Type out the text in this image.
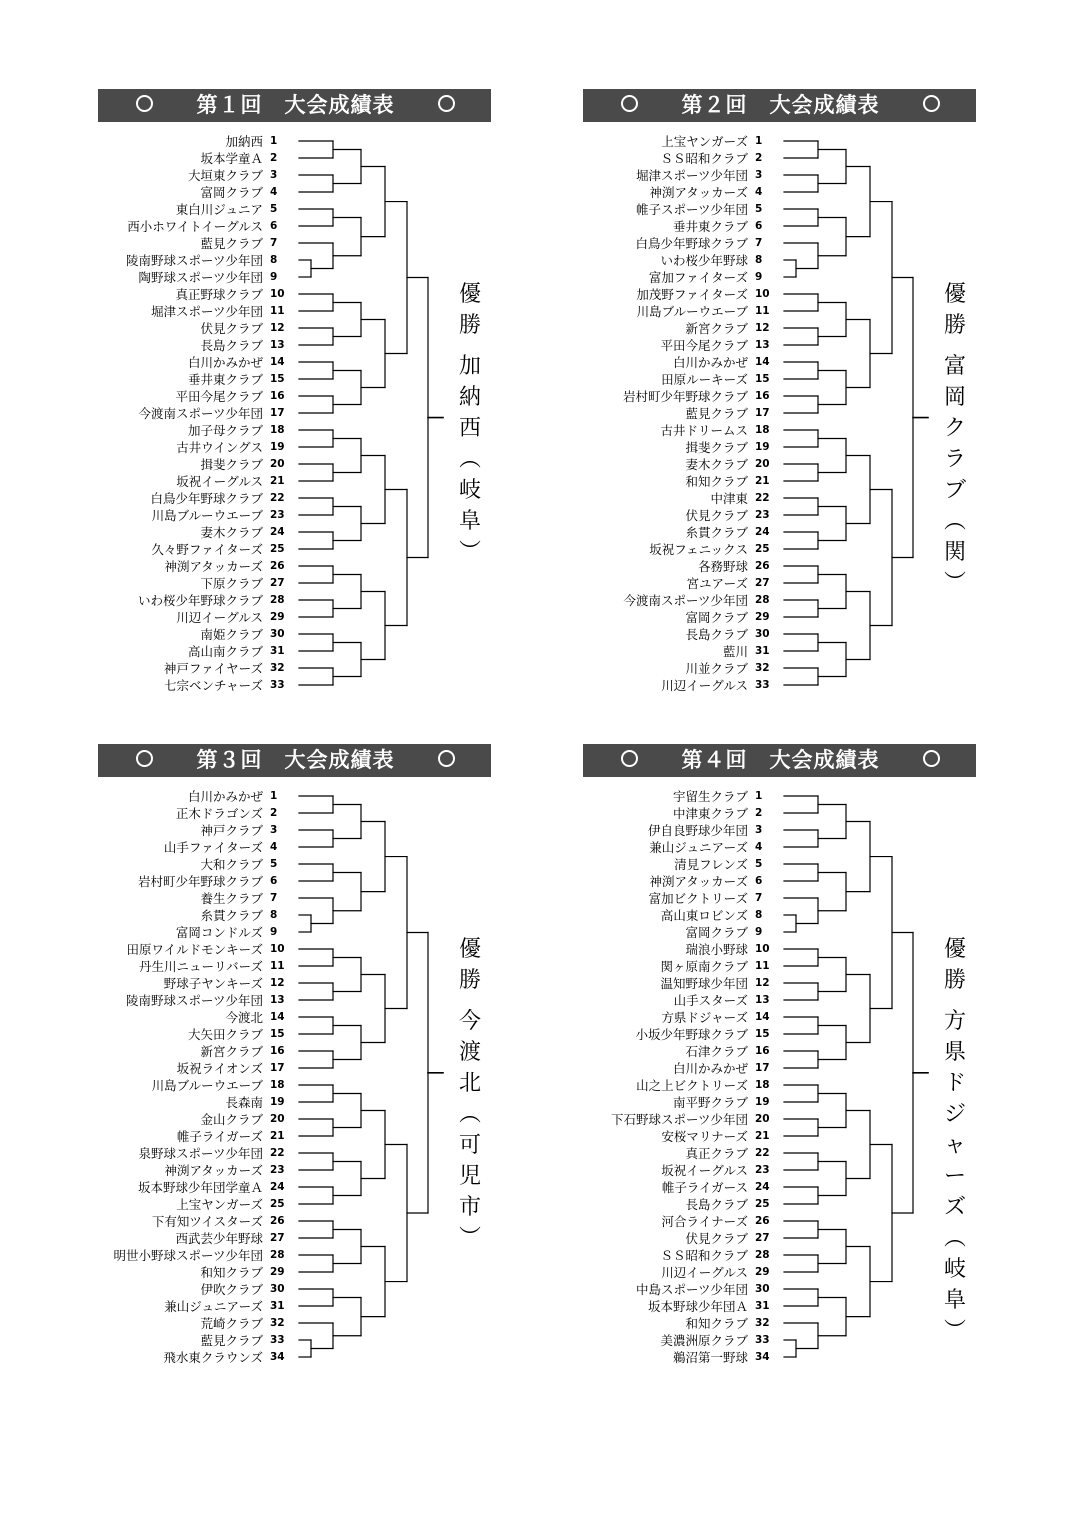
第１回　大会成績表
加納西 1
坂本学童Ａ 2
大垣東クラブ 3
富岡クラブ 4
東白川ジュニア 5
西小ホワイトイーグルス 6
藍見クラブ 7
陵南野球スポーツ少年団 8
陶野球スポーツ少年団 9
真正野球クラブ 10
堀津スポーツ少年団 11
伏見クラブ 12
長島クラブ 13
白川かみかぜ 14
垂井東クラブ 15
平田今尾クラブ 16
今渡南スポーツ少年団 17
加子母クラブ 18
古井ウイングス 19
揖斐クラブ 20
坂祝イーグルス 21
白鳥少年野球クラブ 22
川島ブルーウエーブ 23
妻木クラブ 24
久々野ファイターズ 25
神渕アタッカーズ 26
下原クラブ 27
いわ桜少年野球クラブ 28
川辺イーグルス 29
南姫クラブ 30
高山南クラブ 31
神戸ファイヤーズ 32
七宗ベンチャーズ 33
優
勝
加
納
西
︵
岐
阜
︶
第２回　大会成績表
上宝ヤンガーズ 1
ＳＳ昭和クラブ 2
堀津スポーツ少年団 3
神渕アタッカーズ 4
帷子スポーツ少年団 5
垂井東クラブ 6
白鳥少年野球クラブ 7
いわ桜少年野球 8
富加ファイターズ 9
加茂野ファイターズ 10
川島ブルーウエーブ 11
新宮クラブ 12
平田今尾クラブ 13
白川かみかぜ 14
田原ルーキーズ 15
岩村町少年野球クラブ 16
藍見クラブ 17
古井ドリームス 18
揖斐クラブ 19
妻木クラブ 20
和知クラブ 21
中津東 22
伏見クラブ 23
糸貫クラブ 24
坂祝フェニックス 25
各務野球 26
宮ユアーズ 27
今渡南スポーツ少年団 28
富岡クラブ 29
長島クラブ 30
藍川 31
川並クラブ 32
川辺イーグルス 33
優
勝
富
岡
ク
ラ
ブ
︵
関
︶
第３回　大会成績表
白川かみかぜ 1
正木ドラゴンズ 2
神戸クラブ 3
山手ファイターズ 4
大和クラブ 5
岩村町少年野球クラブ 6
養生クラブ 7
糸貫クラブ 8
富岡コンドルズ 9
田原ワイルドモンキーズ 10
丹生川ニューリバーズ 11
野球子ヤンキーズ 12
陵南野球スポーツ少年団 13
今渡北 14
大矢田クラブ 15
新宮クラブ 16
坂祝ライオンズ 17
川島ブルーウエーブ 18
長森南 19
金山クラブ 20
帷子ライガーズ 21
泉野球スポーツ少年団 22
神渕アタッカーズ 23
坂本野球少年団学童Ａ 24
上宝ヤンガーズ 25
下有知ツイスターズ 26
西武芸少年野球 27
明世小野球スポーツ少年団 28
和知クラブ 29
伊吹クラブ 30
兼山ジュニアーズ 31
荒崎クラブ 32
藍見クラブ 33
飛水東クラウンズ 34
優
勝
今
渡
北
︵
可
児
市
︶
第４回　大会成績表
宇留生クラブ 1
中津東クラブ 2
伊自良野球少年団 3
兼山ジュニアーズ 4
清見フレンズ 5
神渕アタッカーズ 6
富加ビクトリーズ 7
高山東ロビンズ 8
富岡クラブ 9
瑞浪小野球 10
関ヶ原南クラブ 11
温知野球少年団 12
山手スターズ 13
方県ドジャーズ 14
小坂少年野球クラブ 15
石津クラブ 16
白川かみかぜ 17
山之上ビクトリーズ 18
南平野クラブ 19
下石野球スポーツ少年団 20
安桜マリナーズ 21
真正クラブ 22
坂祝イーグルス 23
帷子ライガース 24
長島クラブ 25
河合ライナーズ 26
伏見クラブ 27
ＳＳ昭和クラブ 28
川辺イーグルス 29
中島スポーツ少年団 30
坂本野球少年団Ａ 31
和知クラブ 32
美濃洲原クラブ 33
鵜沼第一野球 34
優
勝
方
県
ド
ジ
ャ
ー
ズ
︵
岐
阜
︶
